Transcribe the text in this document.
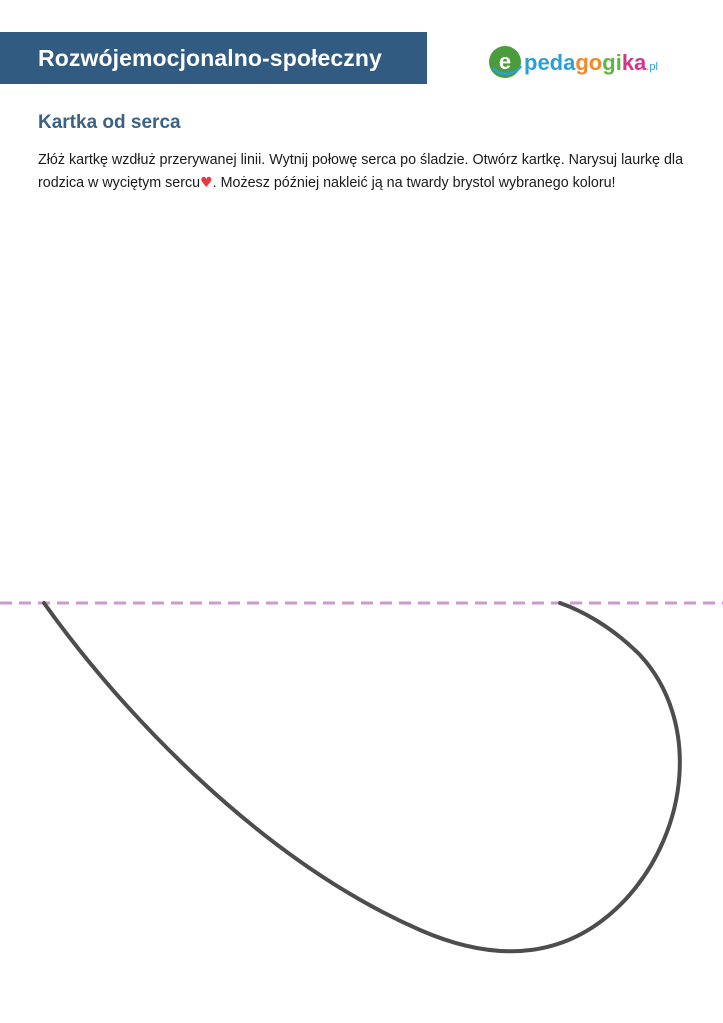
Rozwójemocjonalno-społeczny	e pedagogika.pl
Kartka od serca

Złóż kartkę wzdłuż przerywanej linii. Wytnij połowę serca po śladzie. Otwórz kartkę. Narysuj laurkę dla rodzica w wyciętym sercu♥. Możesz później nakleić ją na twardy brystol wybranego koloru!
